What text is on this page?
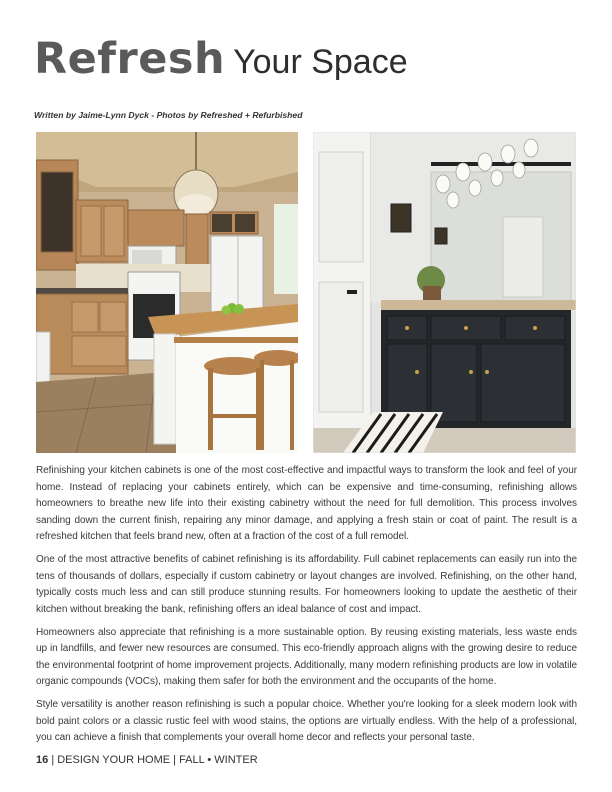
Refresh Your Space
Written by Jaime-Lynn Dyck - Photos by Refreshed + Refurbished

Refinishing your kitchen cabinets is one of the most cost-effective and impactful ways to transform the look and feel of your home. Instead of replacing your cabinets entirely, which can be expensive and time-consuming, refinishing allows homeowners to breathe new life into their existing cabinetry without the need for full demolition. This process involves sanding down the current finish, repairing any minor damage, and applying a fresh stain or coat of paint. The result is a refreshed kitchen that feels brand new, often at a fraction of the cost of a full remodel.

One of the most attractive benefits of cabinet refinishing is its affordability. Full cabinet replacements can easily run into the tens of thousands of dollars, especially if custom cabinetry or layout changes are involved. Refinishing, on the other hand, typically costs much less and can still produce stunning results. For homeowners looking to update the aesthetic of their kitchen without breaking the bank, refinishing offers an ideal balance of cost and impact.

Homeowners also appreciate that refinishing is a more sustainable option. By reusing existing materials, less waste ends up in landfills, and fewer new resources are consumed. This eco-friendly approach aligns with the growing desire to reduce the environmental footprint of home improvement projects. Additionally, many modern refinishing products are low in volatile organic compounds (VOCs), making them safer for both the environment and the occupants of the home.

Style versatility is another reason refinishing is such a popular choice. Whether you're looking for a sleek modern look with bold paint colors or a classic rustic feel with wood stains, the options are virtually endless. With the help of a professional, you can achieve a finish that complements your overall home decor and reflects your personal taste.

16 | DESIGN YOUR HOME | FALL • WINTER
